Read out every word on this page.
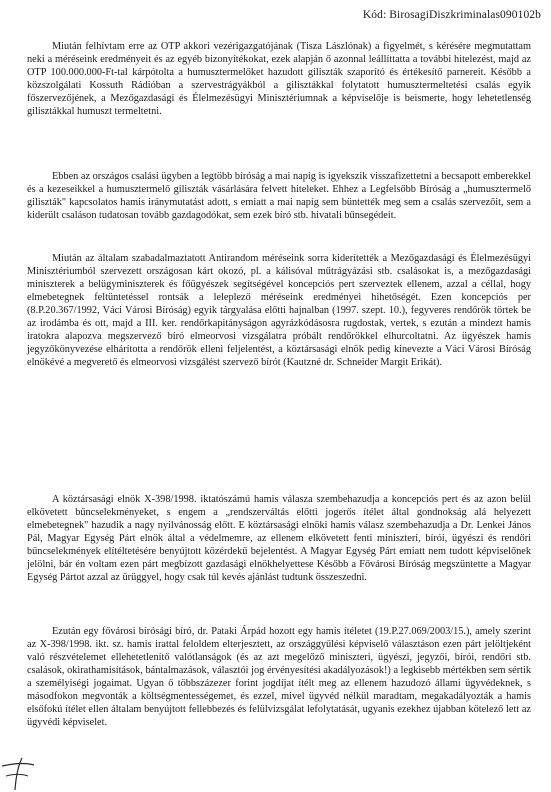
Kód: BirosagiDiszkriminalas090102b

Miután felhívtam erre az OTP akkori vezérigazgatójának (Tisza Lászlónak) a figyelmét, s kérésére megmutattam neki a méréseink eredményeit és az egyéb bizonyítékokat, ezek alapján ő azonnal leállíttatta a további hitelezést, majd az OTP 100.000.000-Ft-tal kárpótolta a humusztermelőket hazudott giliszták szaporító és értékesítő parnereit. Később a közszolgálati Kossuth Rádióban a szervestrágyákból a gilisztákkal folytatott humusztermeltetési csalás egyik főszervezőjének, a Mezőgazdasági és Élelmezésügyi Minisztériumnak a képviselője is beismerte, hogy lehetetlenség gilisztákkal humuszt termeltetni.

Ebben az országos csalási ügyben a legtöbb bíróság a mai napig is igyekszik visszafizettetni a becsapott emberekkel és a kezeseikkel a humusztermelő giliszták vásárlására felvett hiteleket. Ehhez a Legfelsőbb Bíróság a „humusztermelő giliszták" kapcsolatos hamis iránymutatást adott, s emiatt a mai napig sem büntették meg sem a csalás szervezőit, sem a kiderült csaláson tudatosan tovább gazdagodókat, sem ezek bíró stb. hivatali bűnsegédeit.

Miután az általam szabadalmaztatott Antirandom méréseink sorra kiderítették a Mezőgazdasági és Élelmezésügyi Minisztériumból szervezett országosan kárt okozó, pl. a kálisóval műtrágyázási stb. csalásokat is, a mezőgazdasági miniszterek a belügyminiszterek és főügyészek segítségével koncepciós pert szerveztek ellenem, azzal a céllal, hogy elmebetegnek feltüntetéssel rontsák a leleplező méréseink eredményei hihetőségét. Ezen koncepciós per (8.P.20.367/1992, Váci Városi Bíróság) egyik tárgyalása előtti hajnalban (1997. szept. 10.), fegyveres rendőrök törtek be az irodámba és ott, majd a III. ker. rendőrkapitányságon agyrázkódásosra rugdostak, vertek, s ezután a mindezt hamis iratokra alapozva megszervező bíró elmeorvosi vizsgálatra próbált rendőrökkel elhurcoltatni. Az ügyészek hamis jegyzőkönyvezése elhárította a rendőrök elleni feljelentést, a köztársasági elnök pedig kinevezte a Váci Városi Bíróság elnökévé a megverető és elmeorvosi vizsgálést szervező bírót (Kautzné dr. Schneider Margit Erikát).

A köztársasági elnök X-398/1998. iktatószámú hamis válasza szembehazudja a koncepciós pert és az azon belül elkövetett bűncselekményeket, s engem a „rendszerváltás előtti jogerős ítélet által gondnokság alá helyezett elmebetegnek" hazudik a nagy nyilvánosság előtt. E köztársasági elnöki hamis válasz szembehazudja a Dr. Lenkei János Pál, Magyar Egység Párt elnök által a védelmemre, az ellenem elkövetett fenti miniszteri, bírói, ügyészi és rendőri bűncselekmények elítéltetésére benyújtott közérdekű bejelentést. A Magyar Egység Párt emiatt nem tudott képviselőnek jelölni, bár én voltam ezen párt megbízott gazdasági elnökhelyettese Később a Fővárosi Bíróság megszüntette a Magyar Egység Pártot azzal az ürüggyel, hogy csak túl kevés ajánlást tudtunk összeszedni.

Ezután egy fővárosi bírósági bíró, dr. Pataki Árpád hozott egy hamis ítéletet (19.P.27.069/2003/15.), amely szerint az X-398/1998. ikt. sz. hamis irattal feloldem elterjesztett, az országgyűlési képviselő választáson ezen párt jelöltjeként való részvételemet ellehetetlenítő valótlanságok (és az azt megelőző miniszteri, ügyészi, jegyzői, bírói, rendőri stb. csalások, okirathamisítások, bántalmazások, választói jog érvényesítési akadályozások!) a legkisebb mértékben sem sértik a személyiségi jogaimat. Ugyan ő többszázezer forint jogdíjat ítélt meg az ellenem hazudozó állami ügyvédeknek, s másodfokon megvonták a költségmentességemet, és ezzel, mivel ügyvéd nélkül maradtam, megakadályozták a hamis elsőfokú ítélet ellen általam benyújtott fellebbezés és felülvizsgálat lefolytatását, ugyanis ezekhez újabban kötelező lett az ügyvédi képviselet.
